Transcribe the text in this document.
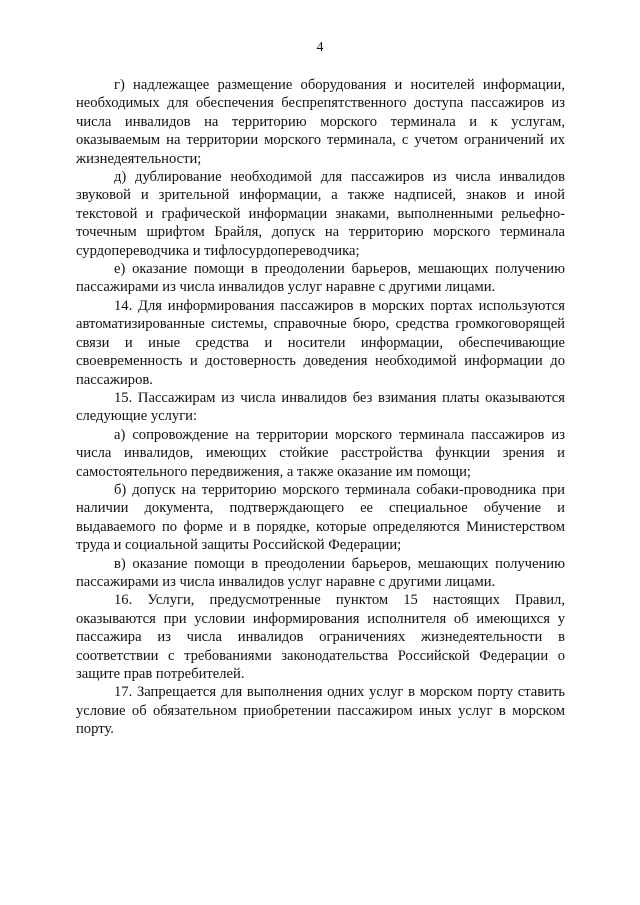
4

г) надлежащее размещение оборудования и носителей информации, необходимых для обеспечения беспрепятственного доступа пассажиров из числа инвалидов на территорию морского терминала и к услугам, оказываемым на территории морского терминала, с учетом ограничений их жизнедеятельности;

д) дублирование необходимой для пассажиров из числа инвалидов звуковой и зрительной информации, а также надписей, знаков и иной текстовой и графической информации знаками, выполненными рельефно-точечным шрифтом Брайля, допуск на территорию морского терминала сурдопереводчика и тифлосурдопереводчика;

е) оказание помощи в преодолении барьеров, мешающих получению пассажирами из числа инвалидов услуг наравне с другими лицами.

14. Для информирования пассажиров в морских портах используются автоматизированные системы, справочные бюро, средства громкоговорящей связи и иные средства и носители информации, обеспечивающие своевременность и достоверность доведения необходимой информации до пассажиров.

15. Пассажирам из числа инвалидов без взимания платы оказываются следующие услуги:

а) сопровождение на территории морского терминала пассажиров из числа инвалидов, имеющих стойкие расстройства функции зрения и самостоятельного передвижения, а также оказание им помощи;

б) допуск на территорию морского терминала собаки-проводника при наличии документа, подтверждающего ее специальное обучение и выдаваемого по форме и в порядке, которые определяются Министерством труда и социальной защиты Российской Федерации;

в) оказание помощи в преодолении барьеров, мешающих получению пассажирами из числа инвалидов услуг наравне с другими лицами.

16. Услуги, предусмотренные пунктом 15 настоящих Правил, оказываются при условии информирования исполнителя об имеющихся у пассажира из числа инвалидов ограничениях жизнедеятельности в соответствии с требованиями законодательства Российской Федерации о защите прав потребителей.

17. Запрещается для выполнения одних услуг в морском порту ставить условие об обязательном приобретении пассажиром иных услуг в морском порту.
